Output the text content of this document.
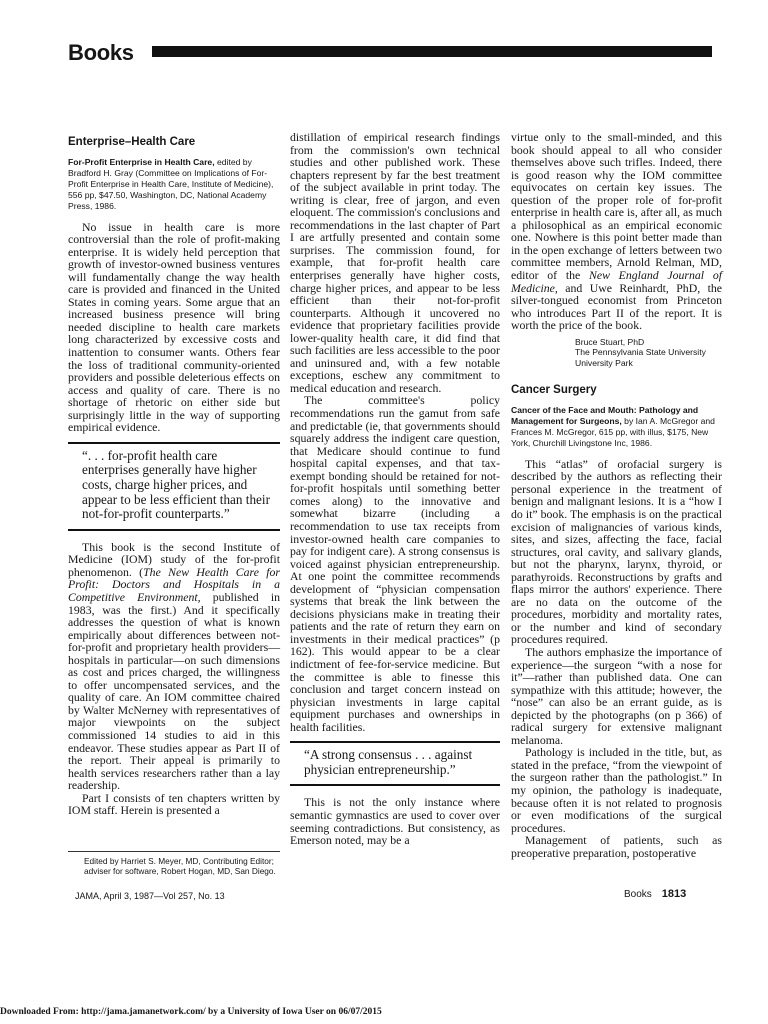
Books
Enterprise–Health Care
For-Profit Enterprise in Health Care, edited by Bradford H. Gray (Committee on Implications of For-Profit Enterprise in Health Care, Institute of Medicine), 556 pp, $47.50, Washington, DC, National Academy Press, 1986.

No issue in health care is more controversial than the role of profit-making enterprise. It is widely held perception that growth of investor-owned business ventures will fundamentally change the way health care is provided and financed in the United States in coming years. Some argue that an increased business presence will bring needed discipline to health care markets long characterized by excessive costs and inattention to consumer wants. Others fear the loss of traditional community-oriented providers and possible deleterious effects on access and quality of care. There is no shortage of rhetoric on either side but surprisingly little in the way of supporting empirical evidence.

“. . . for-profit health care enterprises generally have higher costs, charge higher prices, and appear to be less efficient than their not-for-profit counterparts.”

This book is the second Institute of Medicine (IOM) study of the for-profit phenomenon. (The New Health Care for Profit: Doctors and Hospitals in a Competitive Environment, published in 1983, was the first.) And it specifically addresses the question of what is known empirically about differences between not-for-profit and proprietary health providers—hospitals in particular—on such dimensions as cost and prices charged, the willingness to offer uncompensated services, and the quality of care. An IOM committee chaired by Walter McNerney with representatives of major viewpoints on the subject commissioned 14 studies to aid in this endeavor. These studies appear as Part II of the report. Their appeal is primarily to health services researchers rather than a lay readership.

Part I consists of ten chapters written by IOM staff. Herein is presented a

distillation of empirical research findings from the commission's own technical studies and other published work. These chapters represent by far the best treatment of the subject available in print today. The writing is clear, free of jargon, and even eloquent. The commission's conclusions and recommendations in the last chapter of Part I are artfully presented and contain some surprises. The commission found, for example, that for-profit health care enterprises generally have higher costs, charge higher prices, and appear to be less efficient than their not-for-profit counterparts. Although it uncovered no evidence that proprietary facilities provide lower-quality health care, it did find that such facilities are less accessible to the poor and uninsured and, with a few notable exceptions, eschew any commitment to medical education and research.

The committee's policy recommendations run the gamut from safe and predictable (ie, that governments should squarely address the indigent care question, that Medicare should continue to fund hospital capital expenses, and that tax-exempt bonding should be retained for not-for-profit hospitals until something better comes along) to the innovative and somewhat bizarre (including a recommendation to use tax receipts from investor-owned health care companies to pay for indigent care). A strong consensus is voiced against physician entrepreneurship. At one point the committee recommends development of “physician compensation systems that break the link between the decisions physicians make in treating their patients and the rate of return they earn on investments in their medical practices” (p 162). This would appear to be a clear indictment of fee-for-service medicine. But the committee is able to finesse this conclusion and target concern instead on physician investments in large capital equipment purchases and ownerships in health facilities.

“A strong consensus . . . against physician entrepreneurship.”

This is not the only instance where semantic gymnastics are used to cover over seeming contradictions. But consistency, as Emerson noted, may be a

virtue only to the small-minded, and this book should appeal to all who consider themselves above such trifles. Indeed, there is good reason why the IOM committee equivocates on certain key issues. The question of the proper role of for-profit enterprise in health care is, after all, as much a philosophical as an empirical economic one. Nowhere is this point better made than in the open exchange of letters between two committee members, Arnold Relman, MD, editor of the New England Journal of Medicine, and Uwe Reinhardt, PhD, the silver-tongued economist from Princeton who introduces Part II of the report. It is worth the price of the book.

Bruce Stuart, PhD
The Pennsylvania State University
University Park
Cancer Surgery
Cancer of the Face and Mouth: Pathology and Management for Surgeons, by Ian A. McGregor and Frances M. McGregor, 615 pp, with illus, $175, New York, Churchill Livingstone Inc, 1986.

This “atlas” of orofacial surgery is described by the authors as reflecting their personal experience in the treatment of benign and malignant lesions. It is a “how I do it” book. The emphasis is on the practical excision of malignancies of various kinds, sites, and sizes, affecting the face, facial structures, oral cavity, and salivary glands, but not the pharynx, larynx, thyroid, or parathyroids. Reconstructions by grafts and flaps mirror the authors' experience. There are no data on the outcome of the procedures, morbidity and mortality rates, or the number and kind of secondary procedures required.

The authors emphasize the importance of experience—the surgeon “with a nose for it”—rather than published data. One can sympathize with this attitude; however, the “nose” can also be an errant guide, as is depicted by the photographs (on p 366) of radical surgery for extensive malignant melanoma.

Pathology is included in the title, but, as stated in the preface, “from the viewpoint of the surgeon rather than the pathologist.” In my opinion, the pathology is inadequate, because often it is not related to prognosis or even modifications of the surgical procedures.

Management of patients, such as preoperative preparation, postoperative

Edited by Harriet S. Meyer, MD, Contributing Editor; adviser for software, Robert Hogan, MD, San Diego.
JAMA, April 3, 1987—Vol 257, No. 13	Books 1813
Downloaded From: http://jama.jamanetwork.com/ by a University of Iowa User on 06/07/2015
